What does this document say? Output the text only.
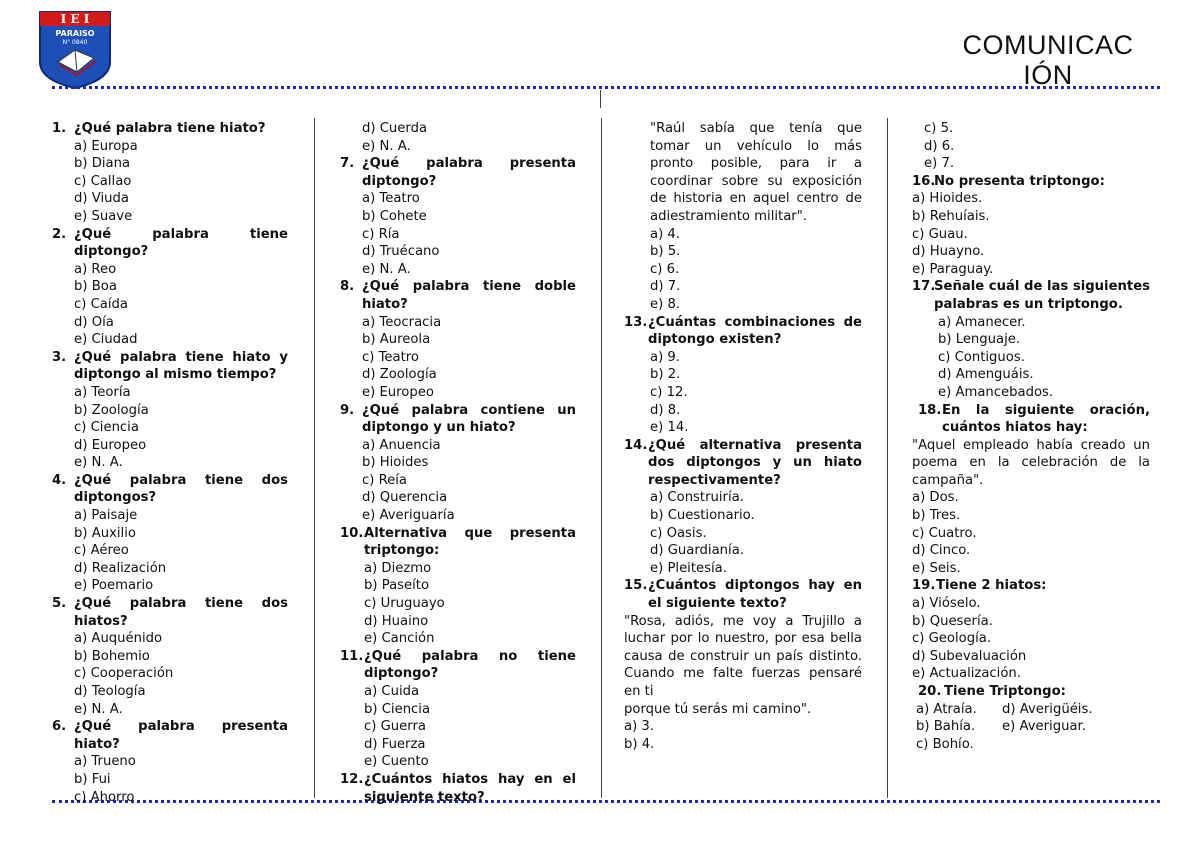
I E I
PARAISO
N° 0840	COMUNICAC
IÓN
1. ¿Qué palabra tiene hiato?
a) Europa
b) Diana
c) Callao
d) Viuda
e) Suave
2. ¿Qué palabra tiene diptongo?
a) Reo
b) Boa
c) Caída
d) Oía
e) Ciudad
3. ¿Qué palabra tiene hiato y diptongo al mismo tiempo?
a) Teoría
b) Zoología
c) Ciencia
d) Europeo
e) N. A.
4. ¿Qué palabra tiene dos diptongos?
a) Paisaje
b) Auxilio
c) Aéreo
d) Realización
e) Poemario
5. ¿Qué palabra tiene dos hiatos?
a) Auquénido
b) Bohemio
c) Cooperación
d) Teología
e) N. A.
6. ¿Qué palabra presenta hiato?
a) Trueno
b) Fui
c) Ahorro
d) Cuerda
e) N. A.
7. ¿Qué palabra presenta diptongo?
a) Teatro
b) Cohete
c) Ría
d) Truécano
e) N. A.
8. ¿Qué palabra tiene doble hiato?
a) Teocracia
b) Aureola
c) Teatro
d) Zoología
e) Europeo
9. ¿Qué palabra contiene un diptongo y un hiato?
a) Anuencia
b) Hioides
c) Reía
d) Querencia
e) Averiguaría
10. Alternativa que presenta triptongo:
a) Diezmo
b) Paseíto
c) Uruguayo
d) Huaino
e) Canción
11. ¿Qué palabra no tiene diptongo?
a) Cuida
b) Ciencia
c) Guerra
d) Fuerza
e) Cuento
12. ¿Cuántos hiatos hay en el siguiente texto?
"Raúl sabía que tenía que tomar un vehículo lo más pronto posible, para ir a coordinar sobre su exposición de historia en aquel centro de adiestramiento militar".
a) 4.
b) 5.
c) 6.
d) 7.
e) 8.
13. ¿Cuántas combinaciones de diptongo existen?
a) 9.
b) 2.
c) 12.
d) 8.
e) 14.
14. ¿Qué alternativa presenta dos diptongos y un hiato respectivamente?
a) Construiría.
b) Cuestionario.
c) Oasis.
d) Guardianía.
e) Pleitesía.
15. ¿Cuántos diptongos hay en el siguiente texto?
"Rosa, adiós, me voy a Trujillo a luchar por lo nuestro, por esa bella causa de construir un país distinto. Cuando me falte fuerzas pensaré en ti
porque tú serás mi camino".
a) 3.
b) 4.
c) 5.
d) 6.
e) 7.
16.
No presenta triptongo:
a) Hioides.
b) Rehuíais.
c) Guau.
d) Huayno.
e) Paraguay.
17.
Señale cuál de las siguientes palabras es un triptongo.
a) Amanecer.
b) Lenguaje.
c) Contiguos.
d) Amenguáis.
e) Amancebados.
18. En la siguiente oración, cuántos hiatos hay:
"Aquel empleado había creado un poema en la celebración de la campaña".
a) Dos.
b) Tres.
c) Cuatro.
d) Cinco.
e) Seis.
19. Tiene 2 hiatos:
a) Vióselo.
b) Quesería.
c) Geología.
d) Subevaluación
e) Actualización.
20. Tiene Triptongo:
a) Atraía. d) Averigüéis.
b) Bahía. e) Averiguar.
c) Bohío.
